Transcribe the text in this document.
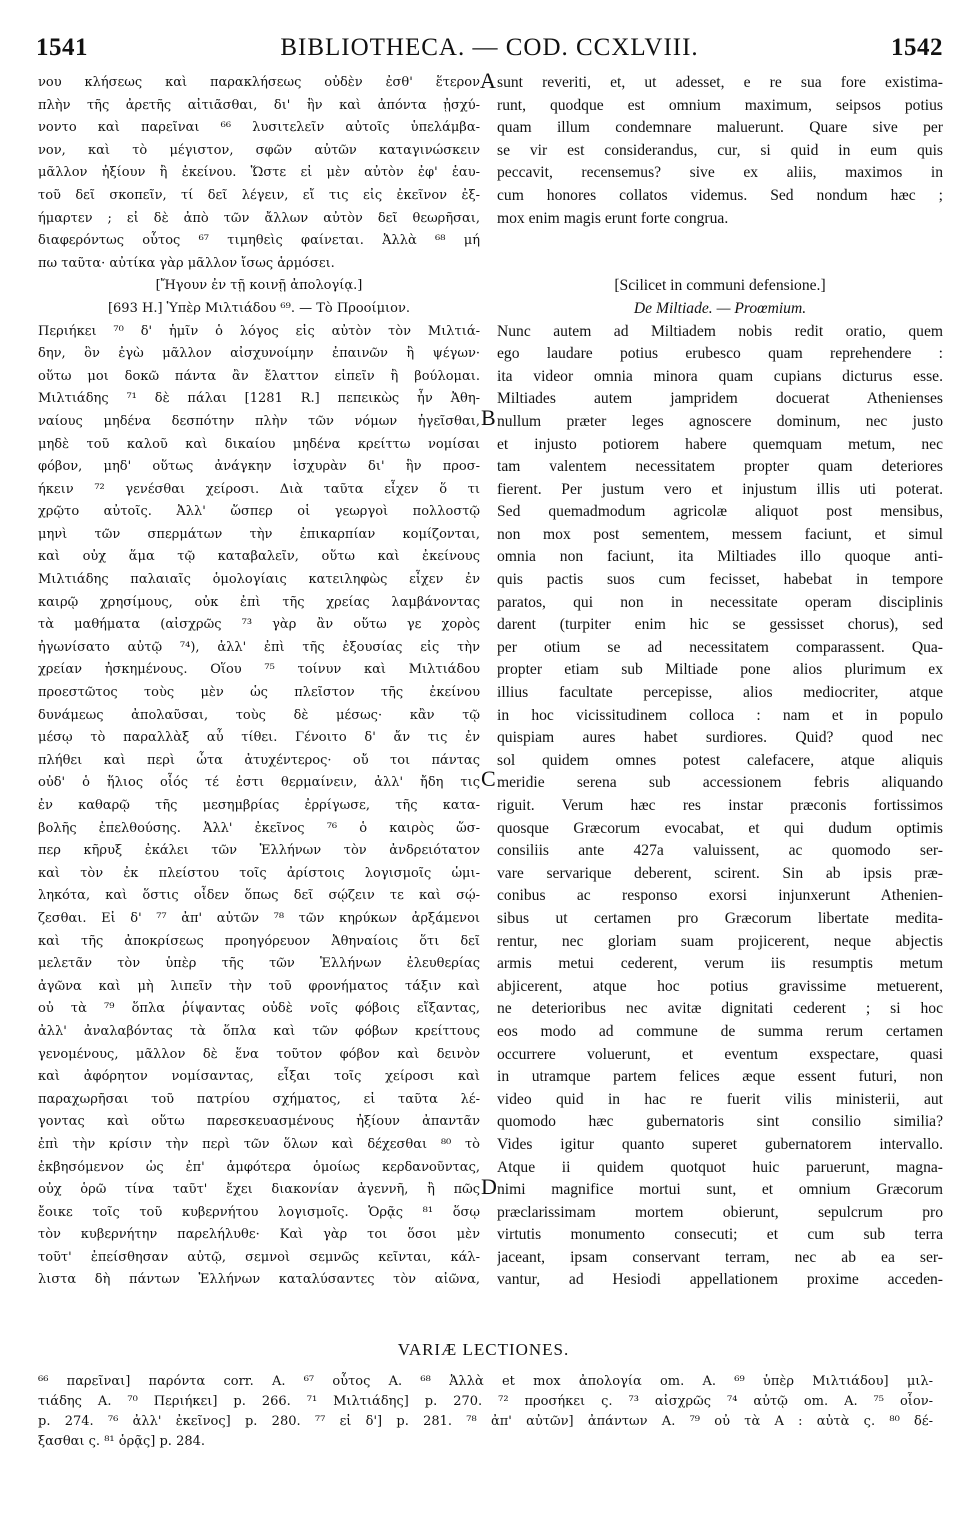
1541	BIBLIOTHECA. — COD. CCXLVIII.	1542
νου κλήσεως καὶ παρακλήσεως οὐδὲν ἐσθ' ἕτερον
πλὴν τῆς ἀρετῆς αἰτιᾶσθαι, δι' ἣν καὶ ἀπόντα ᾐσχύ-
νοντο καὶ παρεῖναι ⁶⁶ λυσιτελεῖν αὐτοῖς ὑπελάμβα-
νον, καὶ τὸ μέγιστον, σφῶν αὐτῶν καταγινώσκειν
μᾶλλον ἠξίουν ἢ ἐκείνου. Ὥστε εἰ μὲν αὐτὸν ἐφ' ἑαυ-
τοῦ δεῖ σκοπεῖν, τί δεῖ λέγειν, εἴ τις εἰς ἐκεῖνον ἐξ-
ήμαρτεν ; εἰ δὲ ἀπὸ τῶν ἄλλων αὐτὸν δεῖ θεωρῆσαι,
διαφερόντως οὗτος ⁶⁷ τιμηθεὶς φαίνεται. Ἀλλὰ ⁶⁸ μή
πω ταῦτα· αὐτίκα γὰρ μᾶλλον ἴσως ἁρμόσει.
[Ἤγουν ἐν τῇ κοινῇ ἀπολογίᾳ.]
[693 H.] Ὑπὲρ Μιλτιάδου ⁶⁹. — Τὸ Προοίμιον.
Περιήκει ⁷⁰ δ' ἡμῖν ὁ λόγος εἰς αὐτὸν τὸν Μιλτιά-
δην, ὃν ἐγὼ μᾶλλον αἰσχυνοίμην ἐπαινῶν ἢ ψέγων·
οὕτω μοι δοκῶ πάντα ἂν ἔλαττον εἰπεῖν ἢ βούλομαι.
Μιλτιάδης ⁷¹ δὲ πάλαι [1281 R.] πεπεικὼς ἦν Ἀθη-
ναίους μηδένα δεσπότην πλὴν τῶν νόμων ἡγεῖσθαι,
μηδὲ τοῦ καλοῦ καὶ δικαίου μηδένα κρείττω νομίσαι
φόβον, μηδ' οὕτως ἀνάγκην ἰσχυρὰν δι' ἣν προσ-
ήκειν ⁷² γενέσθαι χείροσι. Διὰ ταῦτα εἶχεν ὅ τι
χρῷτο αὐτοῖς. Ἀλλ' ὥσπερ οἱ γεωργοὶ πολλοστῷ
μηνὶ τῶν σπερμάτων τὴν ἐπικαρπίαν κομίζονται,
καὶ οὐχ ἅμα τῷ καταβαλεῖν, οὕτω καὶ ἐκείνους
Μιλτιάδης παλαιαῖς ὁμολογίαις κατειληφὼς εἶχεν ἐν
καιρῷ χρησίμους, οὐκ ἐπὶ τῆς χρείας λαμβάνοντας
τὰ μαθήματα (αἰσχρῶς ⁷³ γὰρ ἂν οὕτω γε χορὸς
ἠγωνίσατο αὐτῷ ⁷⁴), ἀλλ' ἐπὶ τῆς ἐξουσίας εἰς τὴν
χρείαν ἠσκημένους. Οἵου ⁷⁵ τοίνυν καὶ Μιλτιάδου
προεστῶτος τοὺς μὲν ὡς πλεῖστον τῆς ἐκείνου
δυνάμεως ἀπολαῦσαι, τοὺς δὲ μέσως· κἂν τῷ
μέσῳ τὸ παραλλὰξ αὖ τίθει. Γένοιτο δ' ἄν τις ἐν
πλήθει καὶ περὶ ὦτα ἀτυχέντερος· οὔ τοι πάντας
οὐδ' ὁ ἥλιος οἷός τέ ἐστι θερμαίνειν, ἀλλ' ἤδη τις
ἐν καθαρῷ τῆς μεσημβρίας ἐρρίγωσε, τῆς κατα-
βολῆς ἐπελθούσης. Ἀλλ' ἐκεῖνος ⁷⁶ ὁ καιρὸς ὥσ-
περ κῆρυξ ἐκάλει τῶν Ἑλλήνων τὸν ἀνδρειότατον
καὶ τὸν ἐκ πλείστου τοῖς ἀρίστοις λογισμοῖς ὡμι-
ληκότα, καὶ ὅστις οἶδεν ὅπως δεῖ σῴζειν τε καὶ σῴ-
ζεσθαι. Εἰ δ' ⁷⁷ ἀπ' αὐτῶν ⁷⁸ τῶν κηρύκων ἀρξάμενοι
καὶ τῆς ἀποκρίσεως προηγόρευον Ἀθηναίοις ὅτι δεῖ
μελετᾶν τὸν ὑπὲρ τῆς τῶν Ἑλλήνων ἐλευθερίας
ἀγῶνα καὶ μὴ λιπεῖν τὴν τοῦ φρονήματος τάξιν καὶ
οὐ τὰ ⁷⁹ ὅπλα ῥίψαντας οὐδὲ νοῖς φόβοις εἴξαντας,
ἀλλ' ἀναλαβόντας τὰ ὅπλα καὶ τῶν φόβων κρείττους
γενομένους, μᾶλλον δὲ ἕνα τοῦτον φόβον καὶ δεινὸν
καὶ ἀφόρητον νομίσαντας, εἶξαι τοῖς χείροσι καὶ
παραχωρῆσαι τοῦ πατρίου σχήματος, εἰ ταῦτα λέ-
γοντας καὶ οὕτω παρεσκευασμένους ἠξίουν ἀπαντᾶν
ἐπὶ τὴν κρίσιν τὴν περὶ τῶν ὅλων καὶ δέχεσθαι ⁸⁰ τὸ
ἐκβησόμενον ὡς ἐπ' ἀμφότερα ὁμοίως κερδανοῦντας,
οὐχ ὁρῶ τίνα ταῦτ' ἔχει διακονίαν ἀγεννῆ, ἢ πῶς
ἔοικε τοῖς τοῦ κυβερνήτου λογισμοῖς. Ὁρᾷς ⁸¹ ὅσῳ
τὸν κυβερνήτην παρελήλυθε· Καὶ γὰρ τοι ὅσοι μὲν
τοῦτ' ἐπείσθησαν αὐτῷ, σεμνοὶ σεμνῶς κεῖνται, κάλ-
λιστα δὴ πάντων Ἑλλήνων καταλύσαντες τὸν αἰῶνα,
sunt reveriti, et, ut adesset, e re sua fore existima-
runt, quodque est omnium maximum, seipsos potius
quam illum condemnare maluerunt. Quare sive per
se vir est considerandus, cur, si quid in eum quis
peccavit, recensemus? sive ex aliis, maximos in
cum honores collatos videmus. Sed nondum hæc ;
mox enim magis erunt forte congrua.
[Scilicet in communi defensione.]
De Miltiade. — Proœmium.
Nunc autem ad Miltiadem nobis redit oratio, quem
ego laudare potius erubesco quam reprehendere :
ita videor omnia minora quam cupians dicturus esse.
Miltiades autem jampridem docuerat Athenienses
nullum præter leges agnoscere dominum, nec justo
et injusto potiorem habere quemquam metum, nec
tam valentem necessitatem propter quam deteriores
fierent. Per justum vero et injustum illis uti poterat.
Sed quemadmodum agricolæ aliquot post mensibus,
non mox post sementem, messem faciunt, et simul
omnia non faciunt, ita Miltiades illo quoque anti-
quis pactis suos cum fecisset, habebat in tempore
paratos, qui non in necessitate operam disciplinis
darent (turpiter enim hic se gessisset chorus), sed
per otium se ad necessitatem comparassent. Qua-
propter etiam sub Miltiade pone alios plurimum ex
illius facultate percepisse, alios mediocriter, atque
in hoc vicissitudinem colloca : nam et in populo
quispiam aures habet surdiores. Quid? quod nec
sol quidem omnes potest calefacere, atque aliquis
meridie serena sub accessionem febris aliquando
riguit. Verum hæc res instar præconis fortissimos
quosque Græcorum evocabat, et qui dudum optimis
consiliis ante 427a valuissent, ac quomodo ser-
vare servarique deberent, scirent. Sin ab ipsis præ-
conibus ac responso exorsi injunxerunt Athenien-
sibus ut certamen pro Græcorum libertate medita-
rentur, nec gloriam suam projicerent, neque abjectis
armis metui cederent, verum iis resumptis metum
abjicerent, atque hoc potius gravissime metuerent,
ne deterioribus nec avitæ dignitati cederent ; si hoc
eos modo ad commune de summa rerum certamen
occurrere voluerunt, et eventum exspectare, quasi
in utramque partem felices æque essent futuri, non
video quid in hac re fuerit vilis ministerii, aut
quomodo hæc gubernatoris sint consilio similia?
Vides igitur quanto superet gubernatorem intervallo.
Atque ii quidem quotquot huic paruerunt, magna-
nimi magnifice mortui sunt, et omnium Græcorum
præclarissimam mortem obierunt, sepulcrum pro
virtutis monumento consecuti; et cum sub terra
jaceant, ipsam conservant terram, nec ab ea ser-
vantur, ad Hesiodi appellationem proxime acceden-
A
B
C
D
VARIÆ LECTIONES.
⁶⁶ παρεῖναι] παρόντα corr. A. ⁶⁷ οὗτος A. ⁶⁸ Ἀλλὰ et mox ἀπολογία om. A. ⁶⁹ ὑπὲρ Μιλτιάδου] μιλ-
τιάδης A. ⁷⁰ Περιήκει] p. 266. ⁷¹ Μιλτιάδης] p. 270. ⁷² προσήκει ς. ⁷³ αἰσχρῶς ⁷⁴ αὐτῷ om. A. ⁷⁵ οἷον-
p. 274. ⁷⁶ ἀλλ' ἐκεῖνος] p. 280. ⁷⁷ εἰ δ'] p. 281. ⁷⁸ ἀπ' αὐτῶν] ἀπάντων A. ⁷⁹ οὐ τὰ A : αὐτὰ ς. ⁸⁰ δέ-
ξασθαι ς. ⁸¹ ὁρᾷς] p. 284.
